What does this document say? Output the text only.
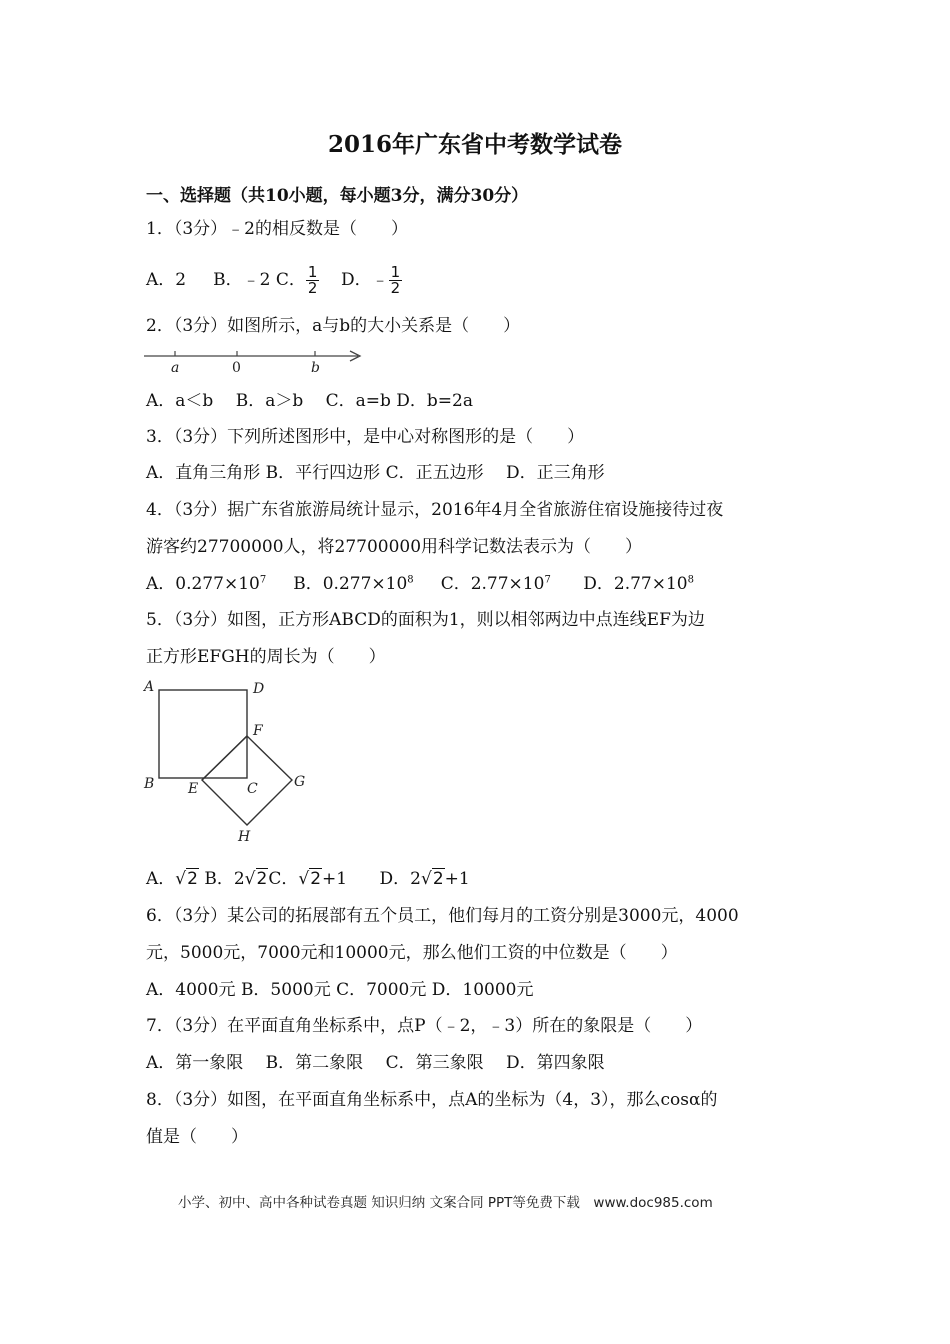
2016年广东省中考数学试卷
一、选择题（共10小题，每小题3分，满分30分）
1．（3分）﹣2的相反数是（　　）
A．2 B．﹣2 C． $\frac{1}{2}$ D．﹣ $\frac{1}{2}$
2．（3分）如图所示，a与b的大小关系是（　　）
a	0	b
A．a＜b　 B．a＞b　 C．a=b D．b=2a
3．（3分）下列所述图形中，是中心对称图形的是（　　）
A．直角三角形 B．平行四边形 C．正五边形　 D．正三角形
4．（3分）据广东省旅游局统计显示，2016年4月全省旅游住宿设施接待过夜
游客约27700000人，将27700000用科学记数法表示为（　　）
A．$0.277\times 10^7$ B．$0.277\times 10^8$ C．$2.77\times 10^7$ D．$2.77\times 10^8$
5．（3分）如图，正方形ABCD的面积为1，则以相邻两边中点连线EF为边
正方形EFGH的周长为（　　）
A	D
F
B E	C	G
H
A．√2 B．2√2C．√2+1 D．2√2+1
6．（3分）某公司的拓展部有五个员工，他们每月的工资分别是3000元，4000
元，5000元，7000元和10000元，那么他们工资的中位数是（　　）
A．4000元 B．5000元 C．7000元 D．10000元
7．（3分）在平面直角坐标系中，点P（﹣2，﹣3）所在的象限是（　　）
A．第一象限　 B．第二象限　 C．第三象限　 D．第四象限
8．（3分）如图，在平面直角坐标系中，点A的坐标为（4，3），那么cosα的
值是（　　）
小学、初中、高中各种试卷真题 知识归纳 文案合同 PPT等免费下载　www.doc985.com
